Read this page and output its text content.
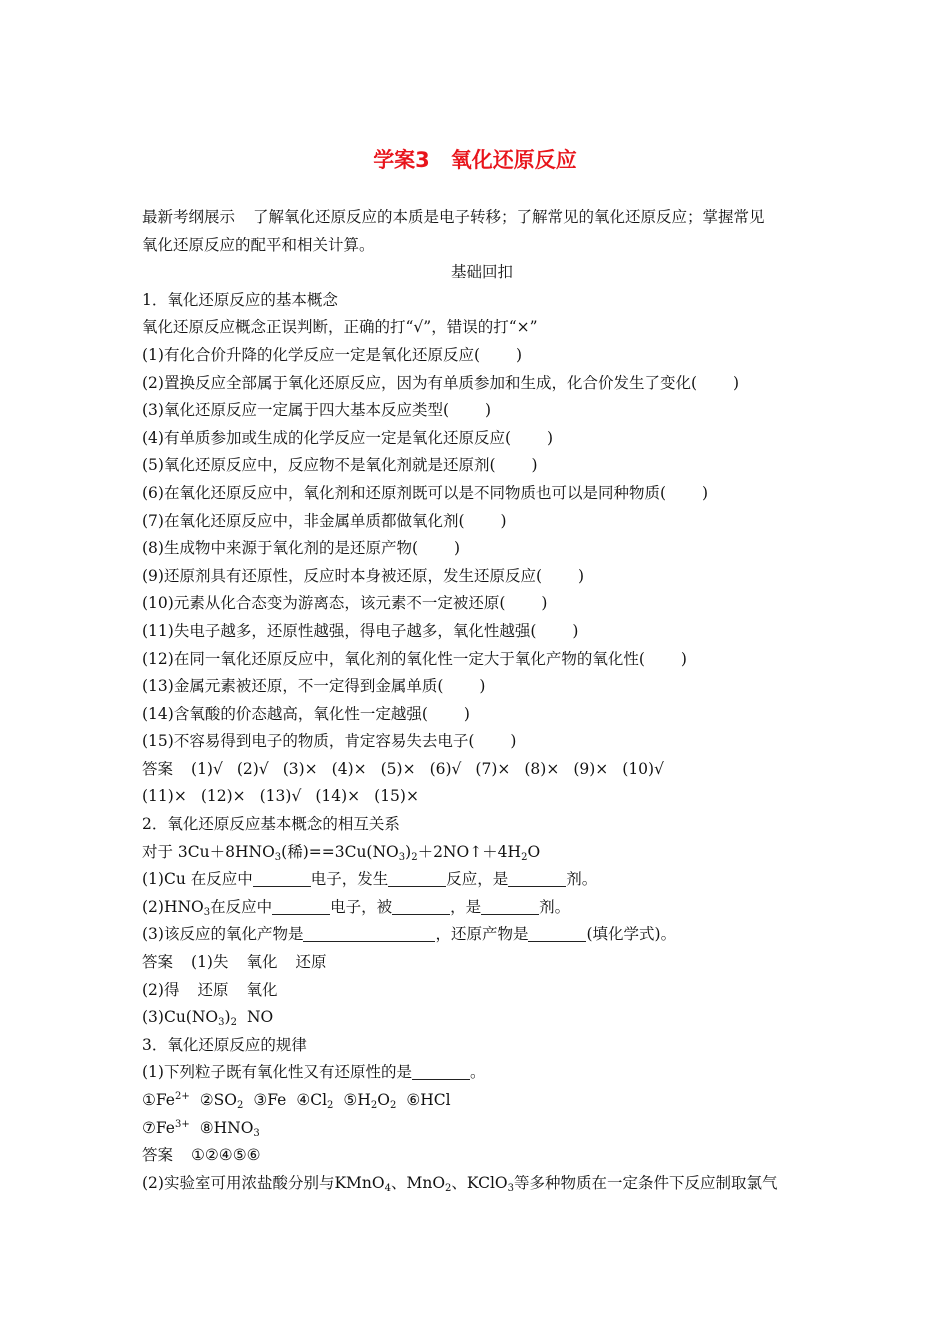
学案3　氧化还原反应
最新考纲展示 了解氧化还原反应的本质是电子转移；了解常见的氧化还原反应；掌握常见
氧化还原反应的配平和相关计算。
基础回扣
1．氧化还原反应的基本概念
氧化还原反应概念正误判断，正确的打“√”，错误的打“×”
(1)有化合价升降的化学反应一定是氧化还原反应( )
(2)置换反应全部属于氧化还原反应，因为有单质参加和生成，化合价发生了变化( )
(3)氧化还原反应一定属于四大基本反应类型( )
(4)有单质参加或生成的化学反应一定是氧化还原反应( )
(5)氧化还原反应中，反应物不是氧化剂就是还原剂( )
(6)在氧化还原反应中，氧化剂和还原剂既可以是不同物质也可以是同种物质( )
(7)在氧化还原反应中，非金属单质都做氧化剂( )
(8)生成物中来源于氧化剂的是还原产物( )
(9)还原剂具有还原性，反应时本身被还原，发生还原反应( )
(10)元素从化合态变为游离态，该元素不一定被还原( )
(11)失电子越多，还原性越强，得电子越多，氧化性越强( )
(12)在同一氧化还原反应中，氧化剂的氧化性一定大于氧化产物的氧化性( )
(13)金属元素被还原，不一定得到金属单质( )
(14)含氧酸的价态越高，氧化性一定越强( )
(15)不容易得到电子的物质，肯定容易失去电子( )
答案 (1)√ (2)√ (3)× (4)× (5)× (6)√ (7)× (8)× (9)× (10)√
(11)× (12)× (13)√ (14)× (15)×
2．氧化还原反应基本概念的相互关系
对于 $3Cu+8HNO_3$(稀)$==3Cu(NO_3)_2+2NO↑+4H_2O$
(1)Cu 在反应中	电子，发生	反应，是	剂。
$(2)HNO_3$在反应中	电子，被	，是	剂。
(3)该反应的氧化产物是	，还原产物是	(填化学式)。
答案 (1)失 氧化 还原
(2)得 还原 氧化
$(3)Cu(NO_3)_2$ NO
3．氧化还原反应的规律
(1)下列粒子既有氧化性又有还原性的是	。
$①Fe^{2+}$ $②SO_2$ ③Fe $④Cl_2$ $⑤H_2O_2$ ⑥HCl
$⑦Fe^{3+}$ $⑧HNO_3$
答案 ①②④⑤⑥
(2)实验室可用浓盐酸分别与KMnO$_4$、MnO$_2$、KClO$_3$等多种物质在一定条件下反应制取氯气
